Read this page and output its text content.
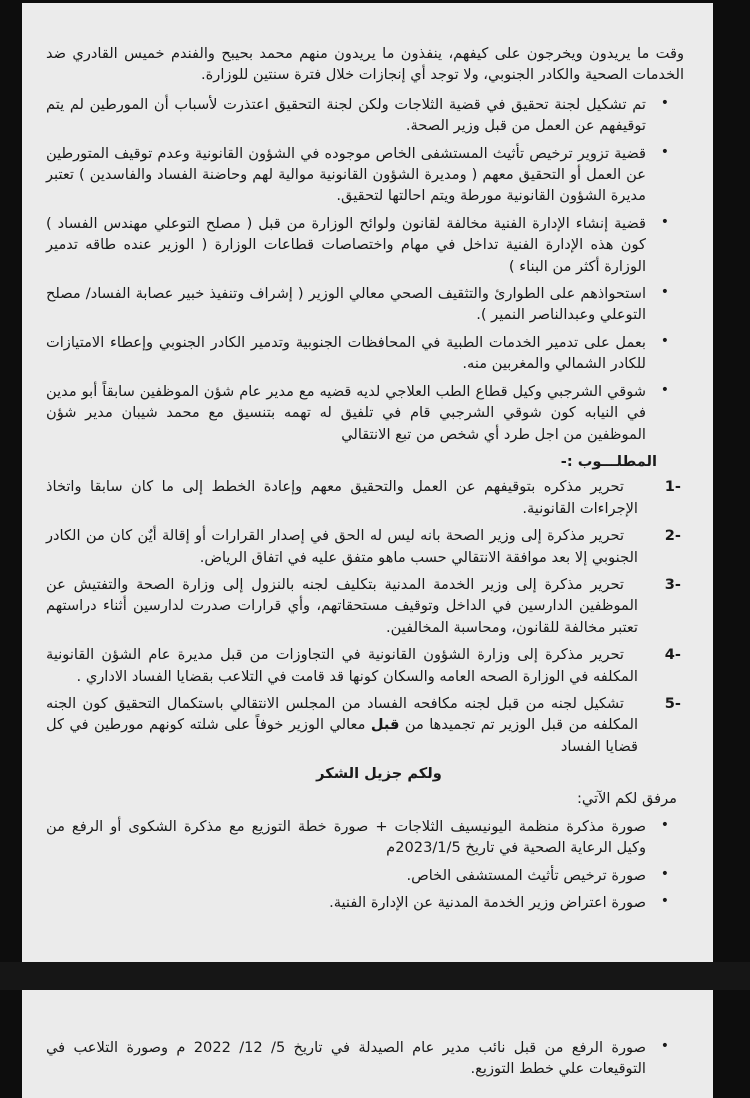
وقت ما يريدون ويخرجون على كيفهم، ينفذون ما يريدون منهم محمد بحيبح والفندم خميس القادري ضد الخدمات الصحية والكادر الجنوبي، ولا توجد أي إنجازات خلال فترة سنتين للوزارة.

•
تم تشكيل لجنة تحقيق في قضية الثلاجات ولكن لجنة التحقيق اعتذرت لأسباب أن المورطين لم يتم توقيفهم عن العمل من قبل وزير الصحة.
•
قضية تزوير ترخيص تأثيث المستشفى الخاص موجوده في الشؤون القانونية وعدم توقيف المتورطين عن العمل أو التحقيق معهم ( ومديرة الشؤون القانونية موالية لهم وحاضنة الفساد والفاسدين ) تعتبر مديرة الشؤون القانونية مورطة ويتم احالتها لتحقيق.
•
قضية إنشاء الإدارة الفنية مخالفة لقانون ولوائح الوزارة من قبل ( مصلح التوعلي مهندس الفساد ) كون هذه الإدارة الفنية تداخل في مهام واختصاصات قطاعات الوزارة ( الوزير عنده طاقه تدمير الوزارة أكثر من البناء )
•
استحواذهم على الطوارئ والتثقيف الصحي معالي الوزير ( إشراف وتنفيذ خبير عصابة الفساد/ مصلح التوعلي وعبدالناصر النمير ).
•
بعمل على تدمير الخدمات الطبية في المحافظات الجنوبية وتدمير الكادر الجنوبي وإعطاء الامتيازات للكادر الشمالي والمغربين منه.
•
شوقي الشرجبي وكيل قطاع الطب العلاجي لديه قضيه مع مدير عام شؤن الموظفين سابقاً أبو مدين في النيابه كون شوقي الشرجبي قام في تلفيق له تهمه بتنسيق مع محمد شيبان مدير شؤن الموظفين من اجل طرد أي شخص من تبع الانتقالي
المطلـــوب :-
1-
تحرير مذكره بتوقيفهم عن العمل والتحقيق معهم وإعادة الخطط إلى ما كان سابقا واتخاذ الإجراءات القانونية.
2-
تحرير مذكرة إلى وزير الصحة بانه ليس له الحق في إصدار القرارات أو إقالة أيٌن كان من الكادر الجنوبي إلا بعد موافقة الانتقالي حسب ماهو متفق عليه في اتفاق الرياض.
3-
تحرير مذكرة إلى وزير الخدمة المدنية بتكليف لجنه بالنزول إلى وزارة الصحة والتفتيش عن الموظفين الدارسين في الداخل وتوقيف مستحقاتهم، وأي قرارات صدرت لدارسين أثناء دراستهم تعتبر مخالفة للقانون، ومحاسبة المخالفين.
4-
تحرير مذكرة إلى وزارة الشؤون القانونية في التجاوزات من قبل مديرة عام الشؤن القانونية المكلفه في الوزارة الصحه العامه والسكان كونها قد قامت في التلاعب بقضايا الفساد الاداري .
5-
تشكيل لجنه من قبل لجنه مكافحه الفساد من المجلس الانتقالي باستكمال التحقيق كون الجنه المكلفه من قبل الوزير تم تجميدها من قبل معالي الوزير خوفاً على شلته كونهم مورطين في كل قضايا الفساد
ولكم جزيل الشكر
مرفق لكم الآتي:
•
صورة مذكرة منظمة اليونيسيف الثلاجات + صورة خطة التوزيع مع مذكرة الشكوى أو الرفع من وكيل الرعاية الصحية في تاريخ 2023/1/5م
•
صورة ترخيص تأثيث المستشفى الخاص.
•
صورة اعتراض وزير الخدمة المدنية عن الإدارة الفنية.
•
صورة الرفع من قبل نائب مدير عام الصيدلة في تاريخ 5/ 12/ 2022 م وصورة التلاعب في التوقيعات علي خطط التوزيع.
